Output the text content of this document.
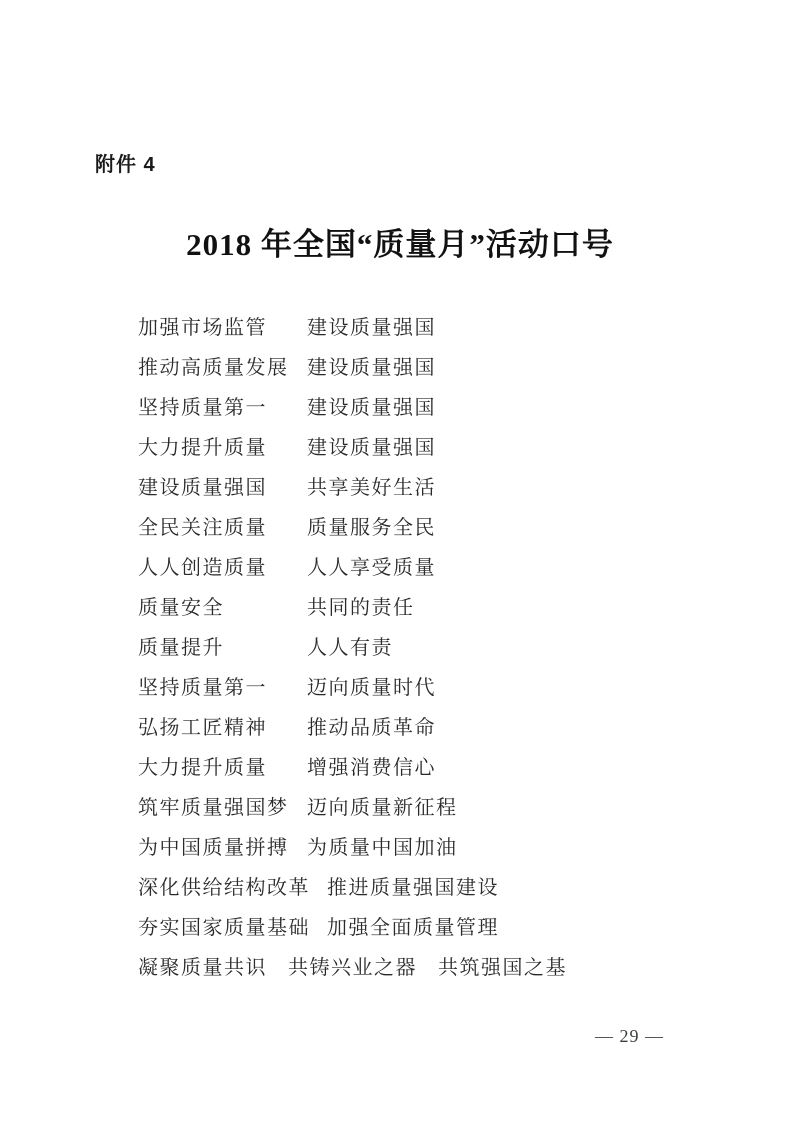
附件 4
2018 年全国“质量月”活动口号
加强市场监管	建设质量强国
推动高质量发展 建设质量强国
坚持质量第一	建设质量强国
大力提升质量	建设质量强国
建设质量强国	共享美好生活
全民关注质量	质量服务全民
人人创造质量	人人享受质量
质量安全	共同的责任
质量提升	人人有责
坚持质量第一	迈向质量时代
弘扬工匠精神	推动品质革命
大力提升质量	增强消费信心
筑牢质量强国梦 迈向质量新征程
为中国质量拼搏 为质量中国加油
深化供给结构改革 推进质量强国建设
夯实国家质量基础 加强全面质量管理
凝聚质量共识 共铸兴业之器 共筑强国之基
— 29 —
